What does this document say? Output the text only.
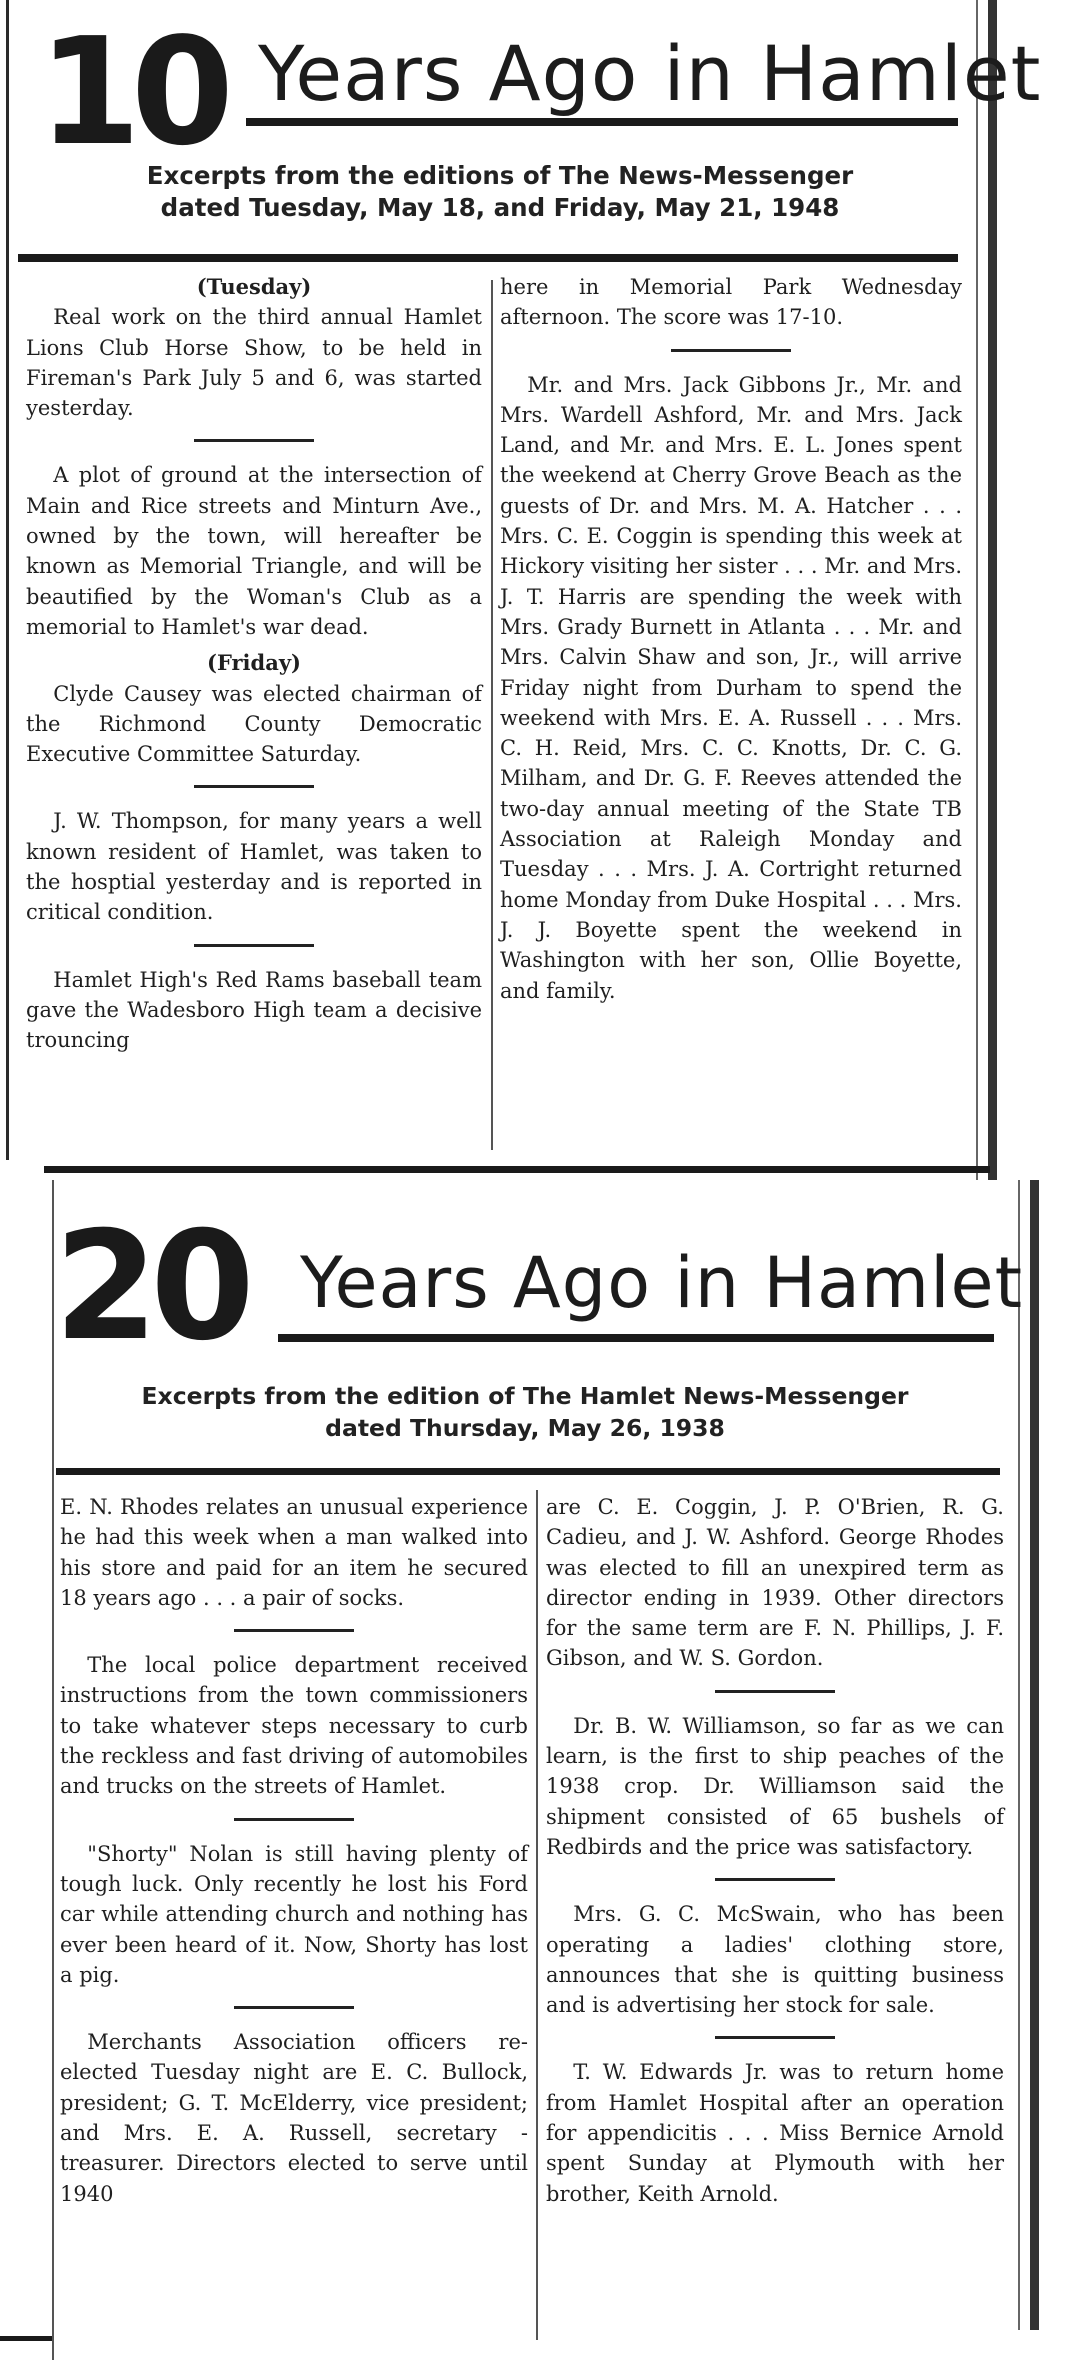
10 Years Ago in Hamlet
Excerpts from the editions of The News-Messenger
dated Tuesday, May 18, and Friday, May 21, 1948

(Tuesday)

Real work on the third annual Hamlet Lions Club Horse Show, to be held in Fireman's Park July 5 and 6, was started yesterday.

A plot of ground at the intersection of Main and Rice streets and Minturn Ave., owned by the town, will hereafter be known as Memorial Triangle, and will be beautified by the Woman's Club as a memorial to Hamlet's war dead.

(Friday)

Clyde Causey was elected chairman of the Richmond County Democratic Executive Committee Saturday.

J. W. Thompson, for many years a well known resident of Hamlet, was taken to the hosptial yesterday and is reported in critical condition.

Hamlet High's Red Rams baseball team gave the Wadesboro High team a decisive trouncing

here in Memorial Park Wednesday afternoon. The score was 17-10.

Mr. and Mrs. Jack Gibbons Jr., Mr. and Mrs. Wardell Ashford, Mr. and Mrs. Jack Land, and Mr. and Mrs. E. L. Jones spent the weekend at Cherry Grove Beach as the guests of Dr. and Mrs. M. A. Hatcher . . . Mrs. C. E. Coggin is spending this week at Hickory visiting her sister . . . Mr. and Mrs. J. T. Harris are spending the week with Mrs. Grady Burnett in Atlanta . . . Mr. and Mrs. Calvin Shaw and son, Jr., will arrive Friday night from Durham to spend the weekend with Mrs. E. A. Russell . . . Mrs. C. H. Reid, Mrs. C. C. Knotts, Dr. C. G. Milham, and Dr. G. F. Reeves attended the two-day annual meeting of the State TB Association at Raleigh Monday and Tuesday . . . Mrs. J. A. Cortright returned home Monday from Duke Hospital . . . Mrs. J. J. Boyette spent the weekend in Washington with her son, Ollie Boyette, and family.

20 Years Ago in Hamlet
Excerpts from the edition of The Hamlet News-Messenger
dated Thursday, May 26, 1938

E. N. Rhodes relates an unusual experience he had this week when a man walked into his store and paid for an item he secured 18 years ago . . . a pair of socks.

The local police department received instructions from the town commissioners to take whatever steps necessary to curb the reckless and fast driving of automobiles and trucks on the streets of Hamlet.

"Shorty" Nolan is still having plenty of tough luck. Only recently he lost his Ford car while attending church and nothing has ever been heard of it. Now, Shorty has lost a pig.

Merchants Association officers re-elected Tuesday night are E. C. Bullock, president; G. T. McElderry, vice president; and Mrs. E. A. Russell, secretary - treasurer. Directors elected to serve until 1940

are C. E. Coggin, J. P. O'Brien, R. G. Cadieu, and J. W. Ashford. George Rhodes was elected to fill an unexpired term as director ending in 1939. Other directors for the same term are F. N. Phillips, J. F. Gibson, and W. S. Gordon.

Dr. B. W. Williamson, so far as we can learn, is the first to ship peaches of the 1938 crop. Dr. Williamson said the shipment consisted of 65 bushels of Redbirds and the price was satisfactory.

Mrs. G. C. McSwain, who has been operating a ladies' clothing store, announces that she is quitting business and is advertising her stock for sale.

T. W. Edwards Jr. was to return home from Hamlet Hospital after an operation for appendicitis . . . Miss Bernice Arnold spent Sunday at Plymouth with her brother, Keith Arnold.
